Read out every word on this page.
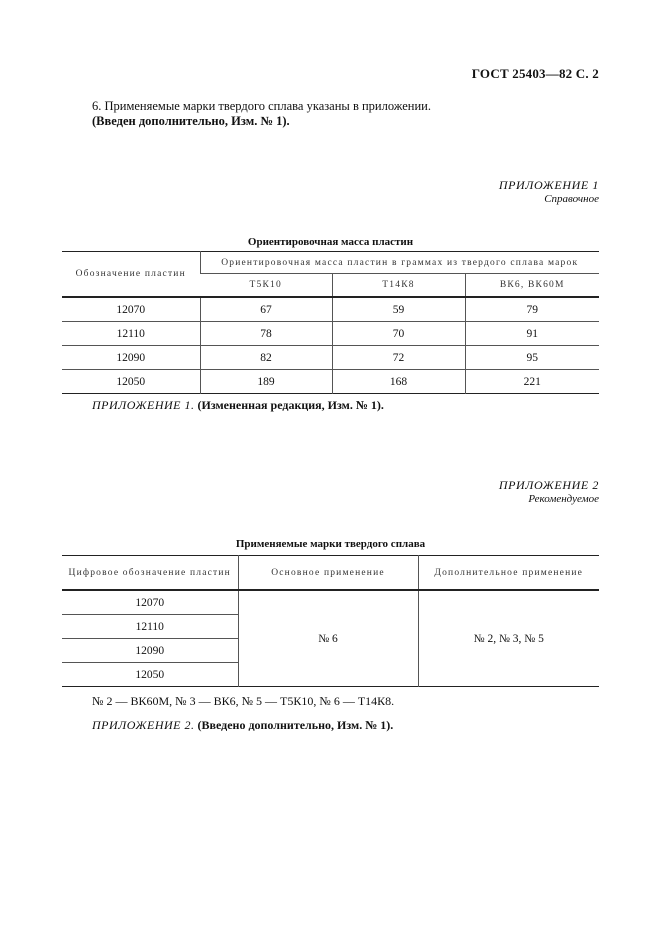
ГОСТ 25403—82 С. 2
6. Применяемые марки твердого сплава указаны в приложении.
(Введен дополнительно, Изм. № 1).
ПРИЛОЖЕНИЕ 1
Справочное
Ориентировочная масса пластин
Обозначение пластин	Ориентировочная масса пластин в граммах из твердого сплава марок		
	Т5К10	Т14К8	ВК6, ВК60М
12070	67	59	79
12110	78	70	91
12090	82	72	95
12050	189	168	221
ПРИЛОЖЕНИЕ 1. (Измененная редакция, Изм. № 1).
ПРИЛОЖЕНИЕ 2
Рекомендуемое
Применяемые марки твердого сплава
Цифровое обозначение пластин	Основное применение	Дополнительное применение
12070	№ 6	№ 2, № 3, № 5
12110		
12090		
12050		
№ 2 — ВК60М, № 3 — ВК6, № 5 — Т5К10, № 6 — Т14К8.
ПРИЛОЖЕНИЕ 2. (Введено дополнительно, Изм. № 1).
